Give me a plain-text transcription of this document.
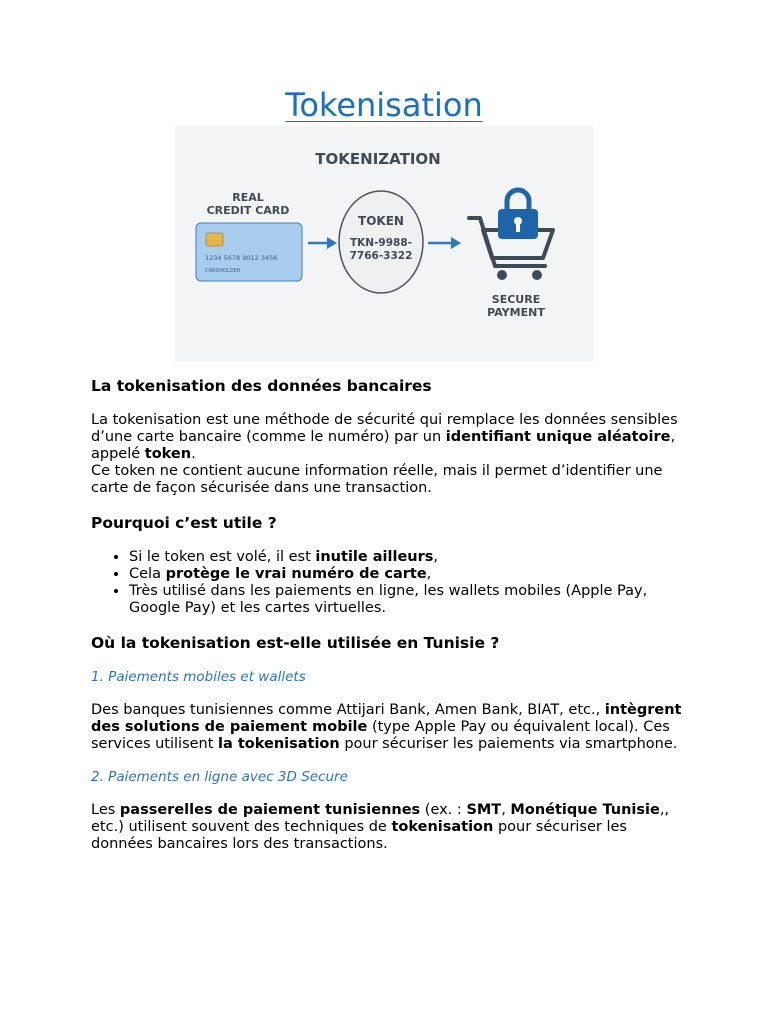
Tokenisation
TOKENIZATION
REAL
CREDIT CARD
1234 5678 9012 3456
CARDHOLDER
TOKEN
TKN-9988-
7766-3322
SECURE
PAYMENT
La tokenisation des données bancaires

La tokenisation est une méthode de sécurité qui remplace les données sensibles d’une carte bancaire (comme le numéro) par un identifiant unique aléatoire, appelé token.

Ce token ne contient aucune information réelle, mais il permet d’identifier une carte de façon sécurisée dans une transaction.

Pourquoi c’est utile ?
• Si le token est volé, il est inutile ailleurs,
• Cela protège le vrai numéro de carte,
• Très utilisé dans les paiements en ligne, les wallets mobiles (Apple Pay, Google Pay) et les cartes virtuelles.
Où la tokenisation est-elle utilisée en Tunisie ?

1. Paiements mobiles et wallets

Des banques tunisiennes comme Attijari Bank, Amen Bank, BIAT, etc., intègrent des solutions de paiement mobile (type Apple Pay ou équivalent local). Ces services utilisent la tokenisation pour sécuriser les paiements via smartphone.

2. Paiements en ligne avec 3D Secure

Les passerelles de paiement tunisiennes (ex. : SMT, Monétique Tunisie,, etc.) utilisent souvent des techniques de tokenisation pour sécuriser les données bancaires lors des transactions.
